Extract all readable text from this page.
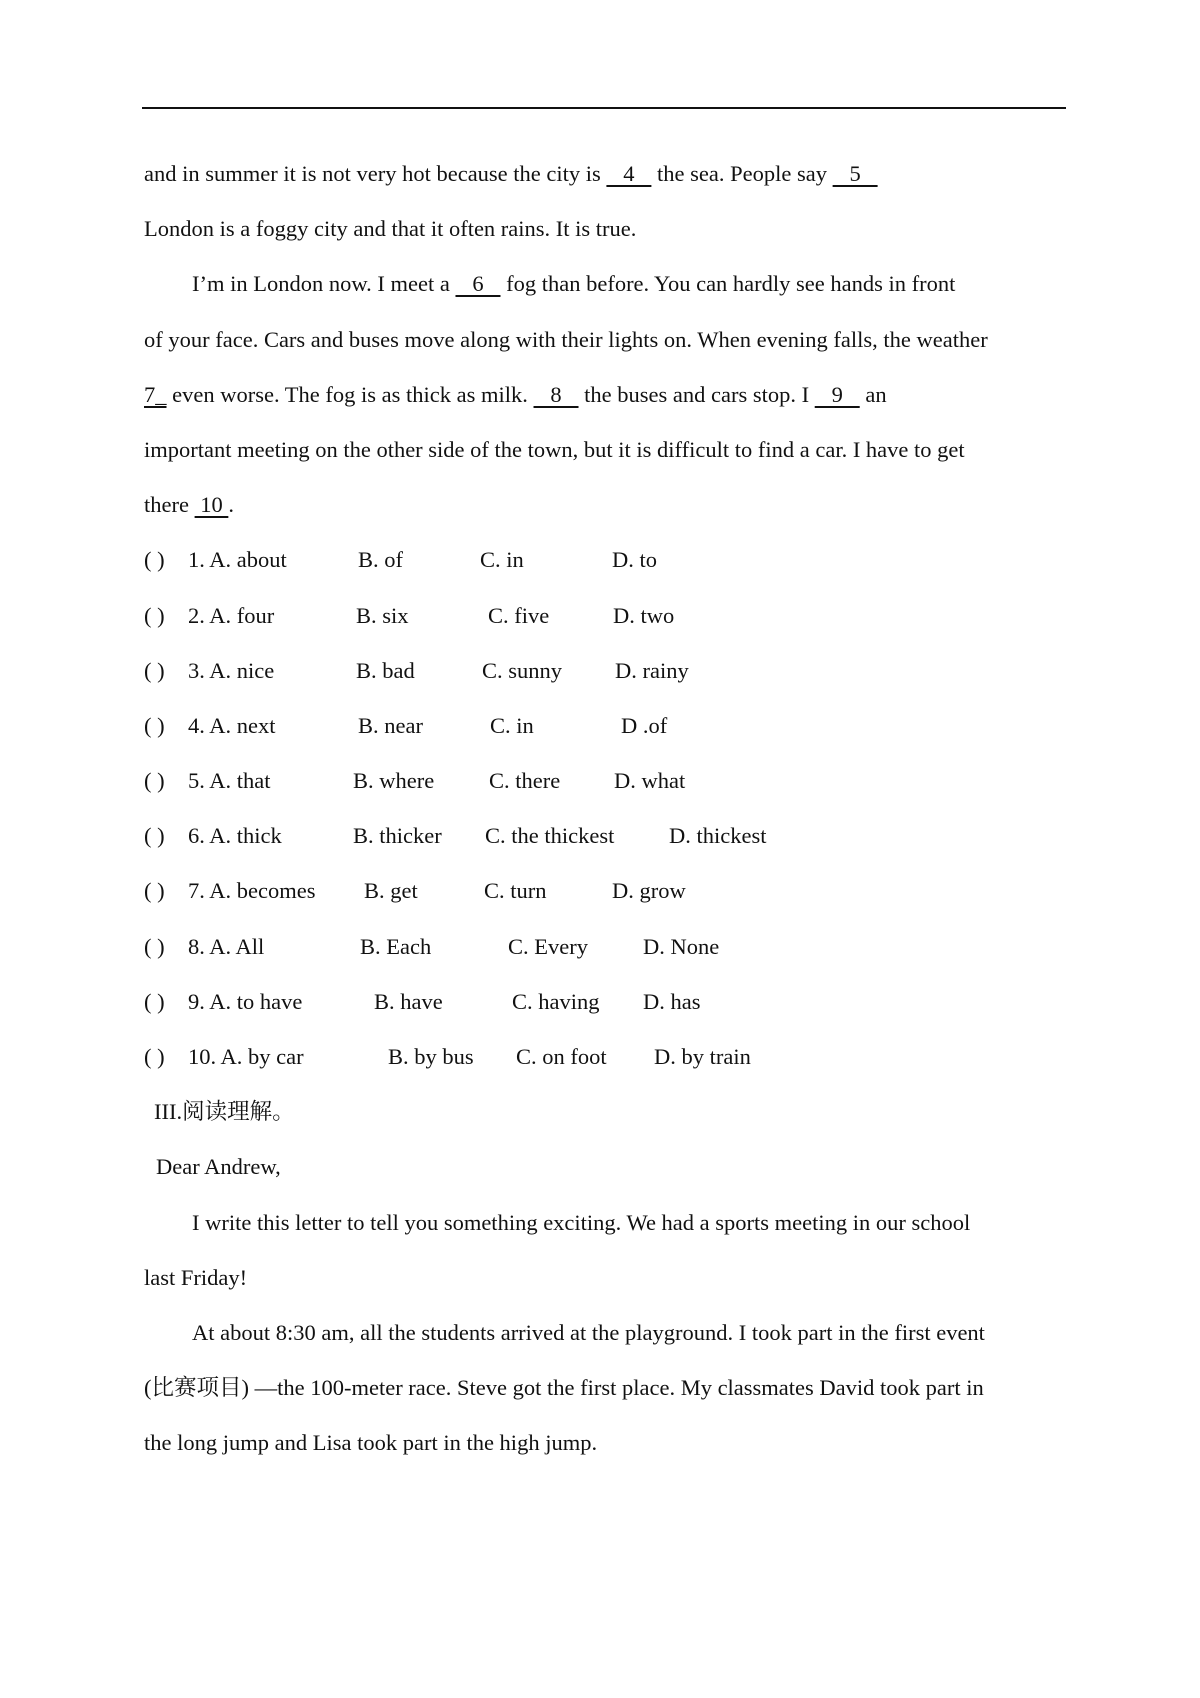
and in summer it is not very hot because the city is    4    the sea. People say    5
London is a foggy city and that it often rains. It is true.
I’m in London now. I meet a    6    fog than before. You can hardly see hands in front
of your face. Cars and buses move along with their lights on. When evening falls, the weather
7_ even worse. The fog is as thick as milk.    8    the buses and cars stop. I    9    an
important meeting on the other side of the town, but it is difficult to find a car. I have to get
there  10 .
( ) 1. A. about	B. of	C. in	D. to
( ) 2. A. four	B. six	C. five	D. two
( ) 3. A. nice	B. bad	C. sunny D. rainy
( ) 4. A. next	B. near	C. in	D .of
( ) 5. A. that	B. where C. there D. what
( ) 6. A. thick	B. thicker C. the thickest D. thickest
( ) 7. A. becomes B. get	C. turn	D. grow
( ) 8. A. All	B. Each	C. Every D. None
( ) 9. A. to have	B. have	C. having D. has
( ) 10. A. by car	B. by bus C. on foot D. by train
III.阅读理解。
Dear Andrew,
I write this letter to tell you something exciting. We had a sports meeting in our school
last Friday!
At about 8:30 am, all the students arrived at the playground. I took part in the first event
(比赛项目) —the 100-meter race. Steve got the first place. My classmates David took part in
the long jump and Lisa took part in the high jump.
